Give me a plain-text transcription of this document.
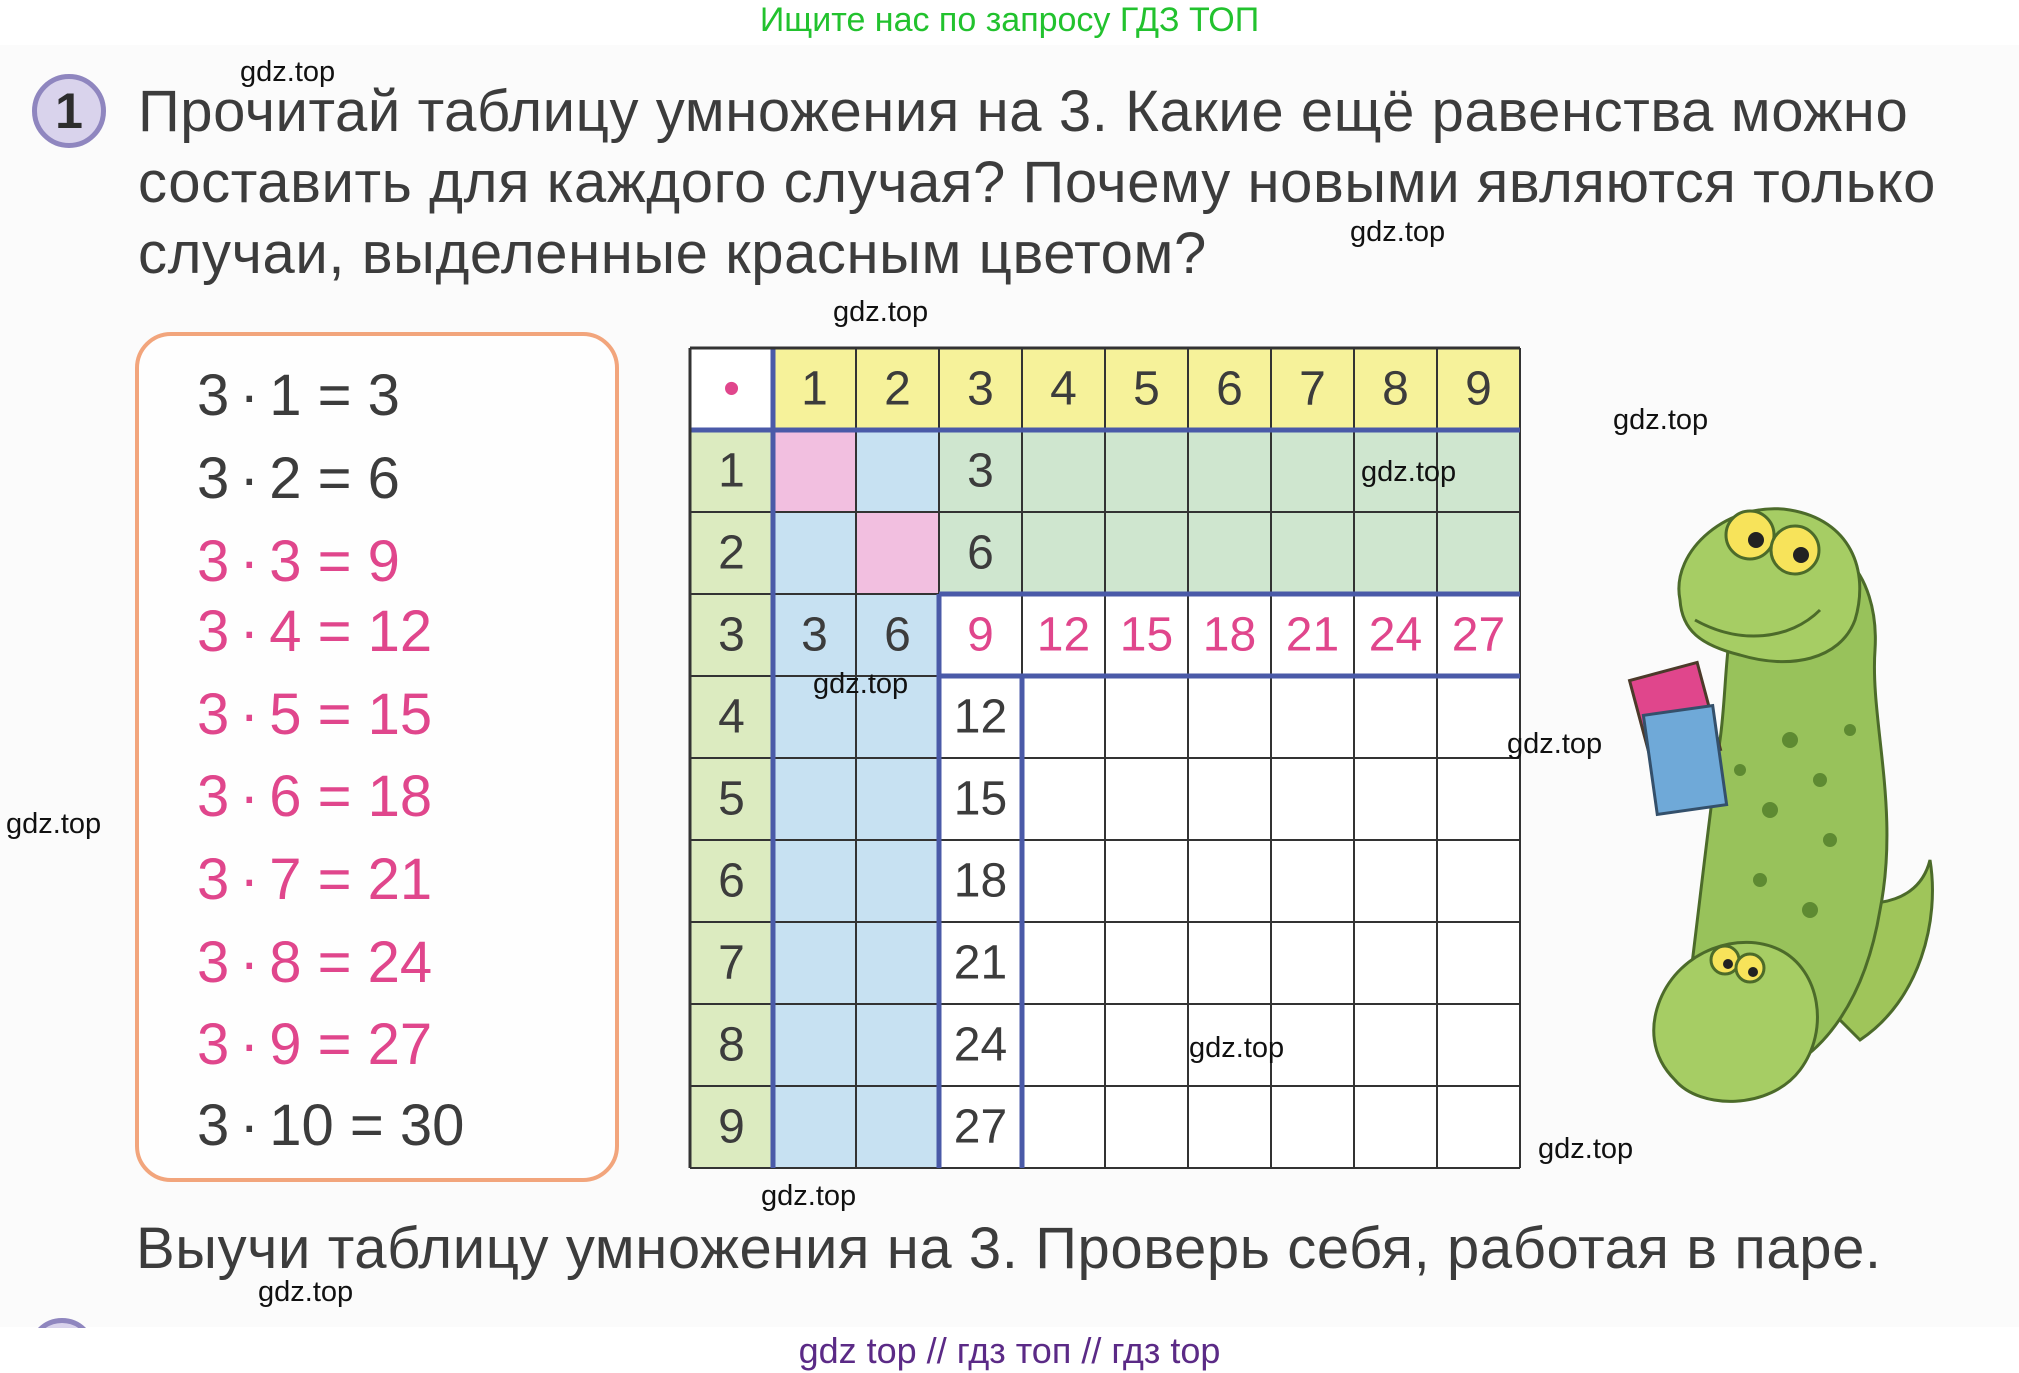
Ищите нас по запросу ГДЗ ТОП
1 Прочитай таблицу умножения на 3. Какие ещё равенства можно
составить для каждого случая? Почему новыми являются только
случаи, выделенные красным цветом?
3 · 1 = 3
3 · 2 = 6
3 · 3 = 9
3 · 4 = 12
3 · 5 = 15
3 · 6 = 18
3 · 7 = 21
3 · 8 = 24
3 · 9 = 27
3 · 10 = 30
• 1 2 3 4 5 6 7 8 9
1
2
3
4
5
6
7
8
9
3
6
3 6 9 12 15 18 21 24 27
12
15
18
21
24
27
Выучи таблицу умножения на 3. Проверь себя, работая в паре.
gdz.top
gdz.top
gdz.top
gdz.top
gdz.top
gdz.top
gdz.top
gdz.top
gdz.top
gdz.top
gdz.top
gdz.top
gdz top // гдз топ // гдз top
